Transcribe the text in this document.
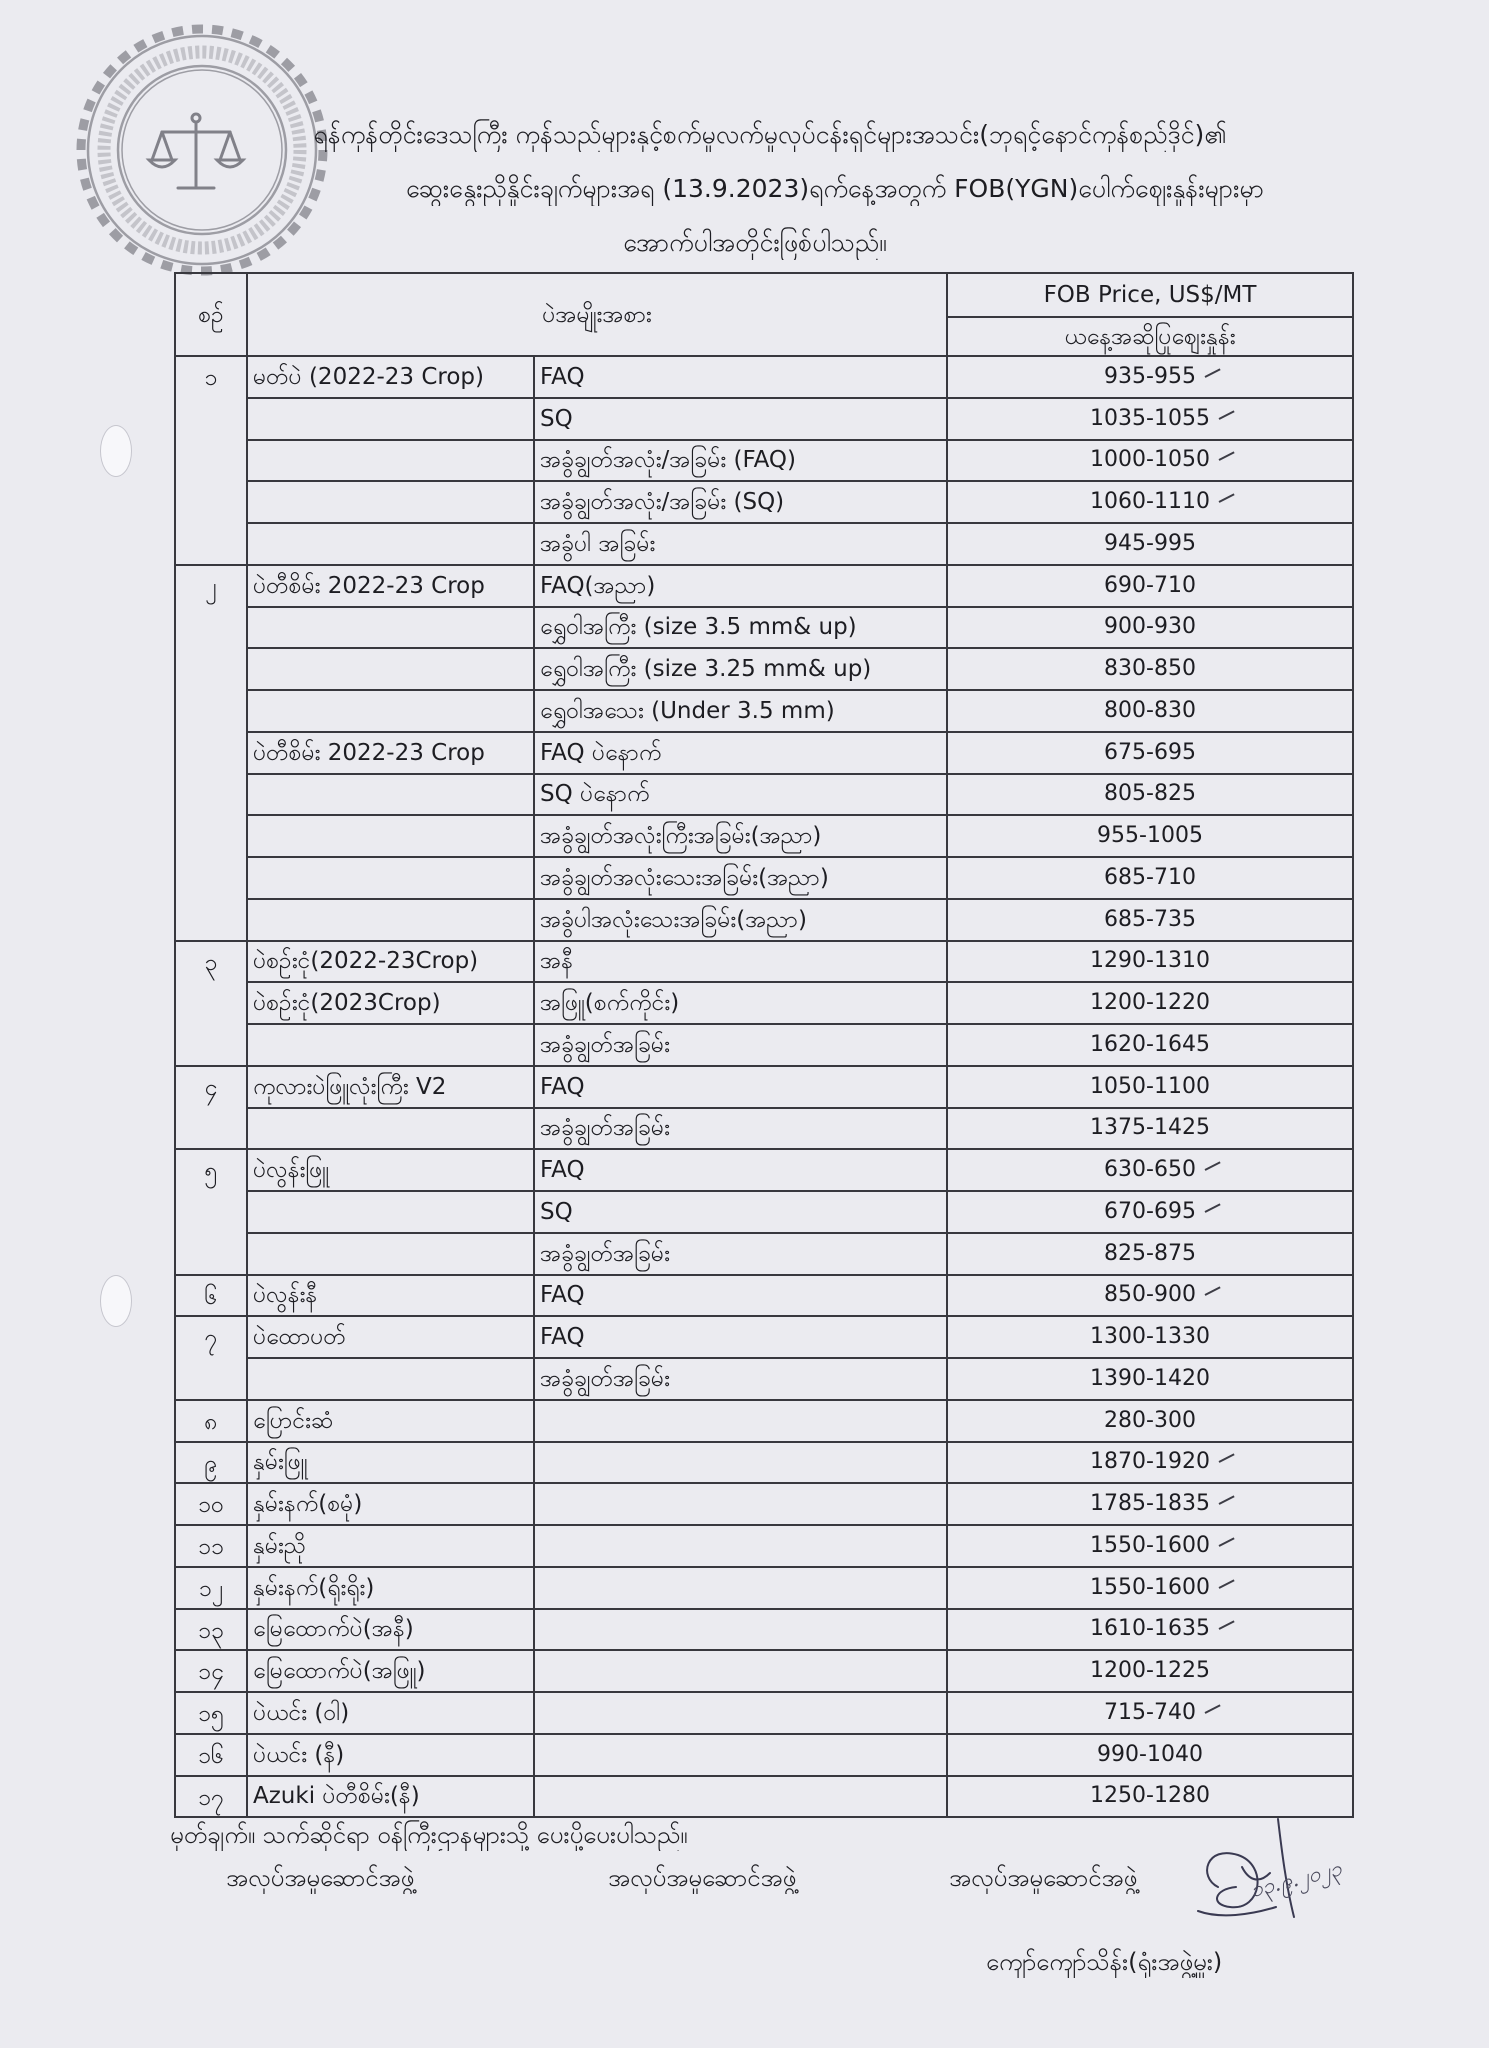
ရန်ကုန်တိုင်းဒေသကြီး ကုန်သည်များနှင့်စက်မှုလက်မှုလုပ်ငန်းရှင်များအသင်း(ဘုရင့်နောင်ကုန်စည်ဒိုင်)၏
ဆွေးနွေးညှိနှိုင်းချက်များအရ (13.9.2023)ရက်နေ့အတွက် FOB(YGN)ပေါက်ဈေးနှုန်းများမှာ
အောက်ပါအတိုင်းဖြစ်ပါသည်။
စဉ်	ပဲအမျိုးအစား		FOB Price, US$/MT
			ယနေ့အဆိုပြုဈေးနှုန်း
၁	မတ်ပဲ (2022-23 Crop)	FAQ	935-955

		SQ	1035-1055

		အခွံချွတ်အလုံး/အခြမ်း (FAQ)	1000-1050

		အခွံချွတ်အလုံး/အခြမ်း (SQ)	1060-1110

		အခွံပါ အခြမ်း	945-995
၂	ပဲတီစိမ်း 2022-23 Crop	FAQ(အညာ)	690-710
		ရွှေဝါအကြီး (size 3.5 mm& up)	900-930
		ရွှေဝါအကြီး (size 3.25 mm& up)	830-850
		ရွှေဝါအသေး (Under 3.5 mm)	800-830
	ပဲတီစိမ်း 2022-23 Crop	FAQ ပဲနောက်	675-695
		SQ ပဲနောက်	805-825
		အခွံချွတ်အလုံးကြီးအခြမ်း(အညာ)	955-1005
		အခွံချွတ်အလုံးသေးအခြမ်း(အညာ)	685-710
		အခွံပါအလုံးသေးအခြမ်း(အညာ)	685-735
၃	ပဲစဉ်းငုံ(2022-23Crop)	အနီ	1290-1310
	ပဲစဉ်းငုံ(2023Crop)	အဖြူ(စက်ကိုင်း)	1200-1220
		အခွံချွတ်အခြမ်း	1620-1645
၄	ကုလားပဲဖြူလုံးကြီး V2	FAQ	1050-1100
		အခွံချွတ်အခြမ်း	1375-1425
၅	ပဲလွန်းဖြူ	FAQ	630-650

		SQ	670-695

		အခွံချွတ်အခြမ်း	825-875
၆	ပဲလွန်းနီ	FAQ	850-900

၇	ပဲထောပတ်	FAQ	1300-1330
		အခွံချွတ်အခြမ်း	1390-1420
၈	ပြောင်းဆံ		280-300
၉	နှမ်းဖြူ		1870-1920

၁၀	နှမ်းနက်(စမုံ)		1785-1835

၁၁	နှမ်းညို		1550-1600

၁၂	နှမ်းနက်(ရိုးရိုး)		1550-1600

၁၃	မြေထောက်ပဲ(အနီ)		1610-1635

၁၄	မြေထောက်ပဲ(အဖြူ)		1200-1225
၁၅	ပဲယင်း (ဝါ)		715-740

၁၆	ပဲယင်း (နီ)		990-1040
၁၇	Azuki ပဲတီစိမ်း(နီ)		1250-1280
မှတ်ချက်။ သက်ဆိုင်ရာ ဝန်ကြီးဌာနများသို့ ပေးပို့ပေးပါသည်။
အလုပ်အမှုဆောင်အဖွဲ့	အလုပ်အမှုဆောင်အဖွဲ့	အလုပ်အမှုဆောင်အဖွဲ့	၁၃.၉.၂၀၂၃
ကျော်ကျော်သိန်း(ရုံးအဖွဲ့မှူး)
